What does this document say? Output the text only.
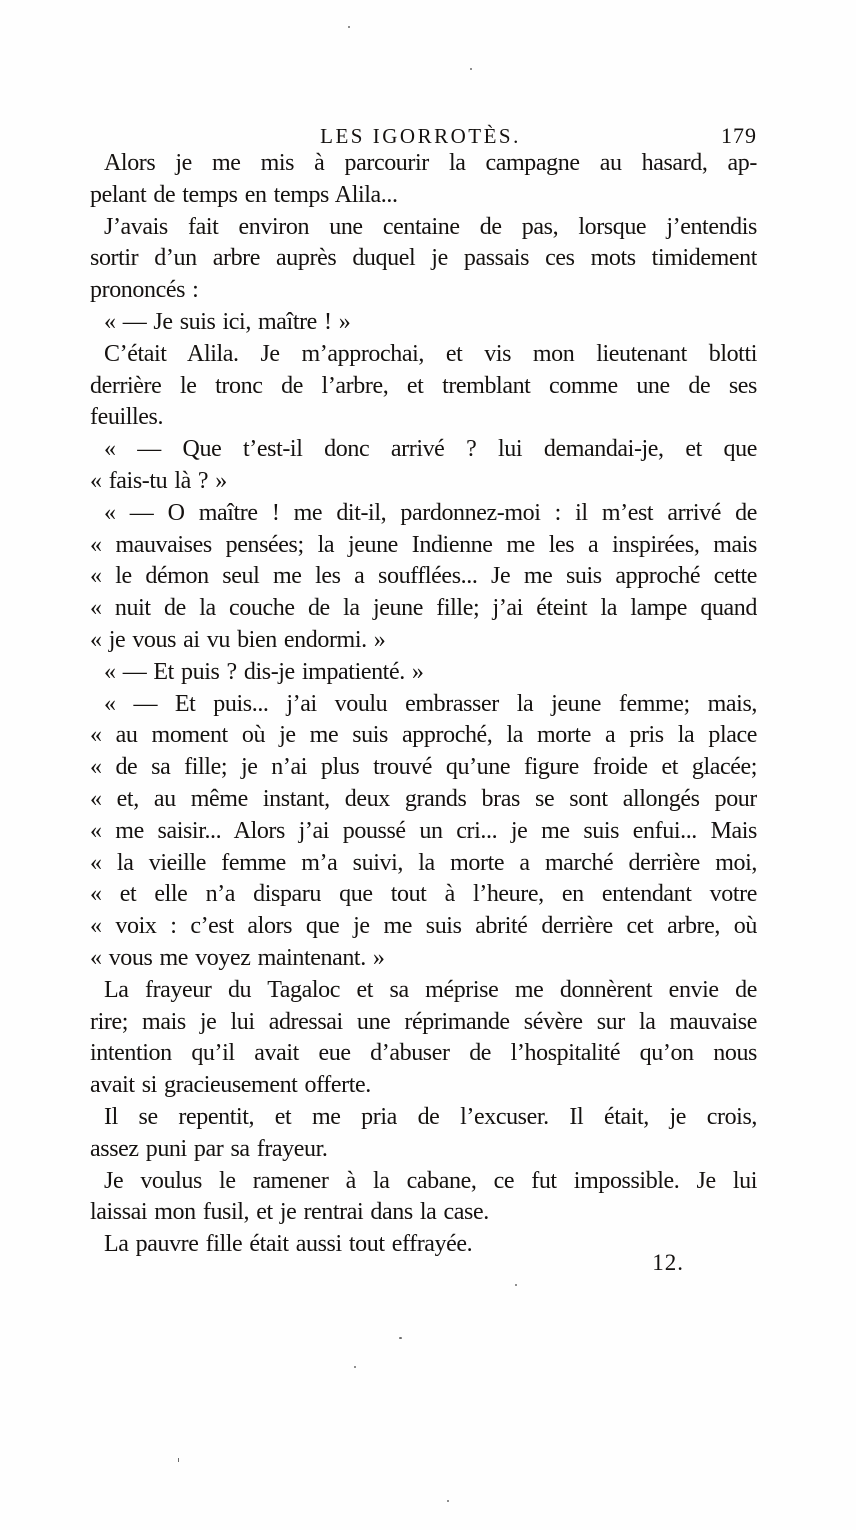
LES IGORROTÈS.	179
Alors je me mis à parcourir la campagne au hasard, ap-
pelant de temps en temps Alila...
J’avais fait environ une centaine de pas, lorsque j’entendis
sortir d’un arbre auprès duquel je passais ces mots timidement
prononcés :
« — Je suis ici, maître ! »
C’était Alila. Je m’approchai, et vis mon lieutenant blotti
derrière le tronc de l’arbre, et tremblant comme une de ses
feuilles.
« — Que t’est-il donc arrivé ? lui demandai-je, et que
« fais-tu là ? »
« — O maître ! me dit-il, pardonnez-moi : il m’est arrivé de
« mauvaises pensées; la jeune Indienne me les a inspirées, mais
« le démon seul me les a soufflées... Je me suis approché cette
« nuit de la couche de la jeune fille; j’ai éteint la lampe quand
« je vous ai vu bien endormi. »
« — Et puis ? dis-je impatienté. »
« — Et puis... j’ai voulu embrasser la jeune femme; mais,
« au moment où je me suis approché, la morte a pris la place
« de sa fille; je n’ai plus trouvé qu’une figure froide et glacée;
« et, au même instant, deux grands bras se sont allongés pour
« me saisir... Alors j’ai poussé un cri... je me suis enfui... Mais
« la vieille femme m’a suivi, la morte a marché derrière moi,
« et elle n’a disparu que tout à l’heure, en entendant votre
« voix : c’est alors que je me suis abrité derrière cet arbre, où
« vous me voyez maintenant. »
La frayeur du Tagaloc et sa méprise me donnèrent envie de
rire; mais je lui adressai une réprimande sévère sur la mauvaise
intention qu’il avait eue d’abuser de l’hospitalité qu’on nous
avait si gracieusement offerte.
Il se repentit, et me pria de l’excuser. Il était, je crois,
assez puni par sa frayeur.
Je voulus le ramener à la cabane, ce fut impossible. Je lui
laissai mon fusil, et je rentrai dans la case.
La pauvre fille était aussi tout effrayée.
12.
